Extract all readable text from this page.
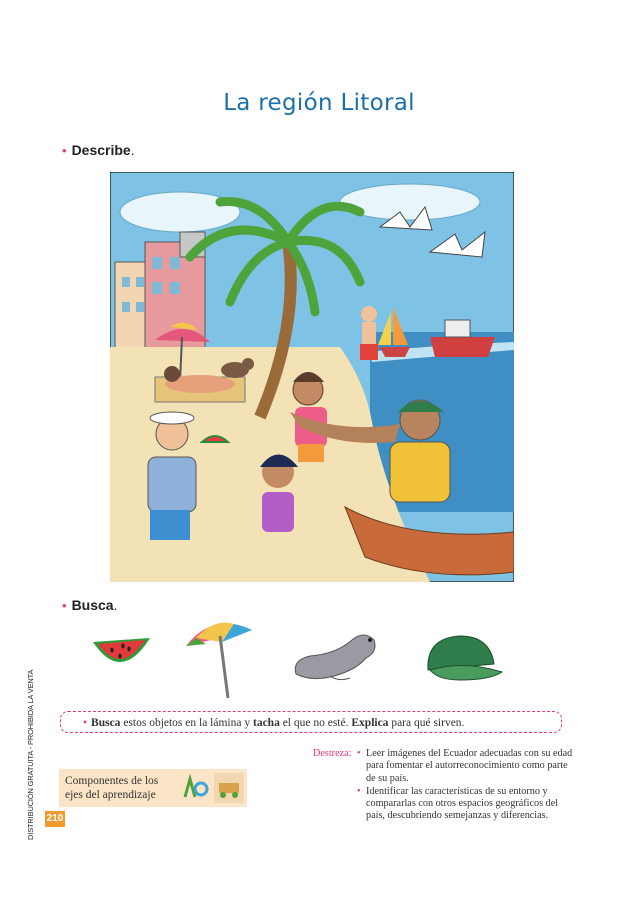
La región Litoral
• Describe.
• Busca.
• Busca estos objetos en la lámina y tacha el que no esté. Explica para qué sirven.
Destreza:
•	Leer imágenes del Ecuador adecuadas con su edad para fomentar el autorreconocimiento como parte de su país.
• Identificar las características de su entorno y compararlas con otros espacios geográficos del país, descubriendo semejanzas y diferencias.
Componentes de los ejes del aprendizaje
210
DISTRIBUCIÓN GRATUITA - PROHIBIDA LA VENTA
